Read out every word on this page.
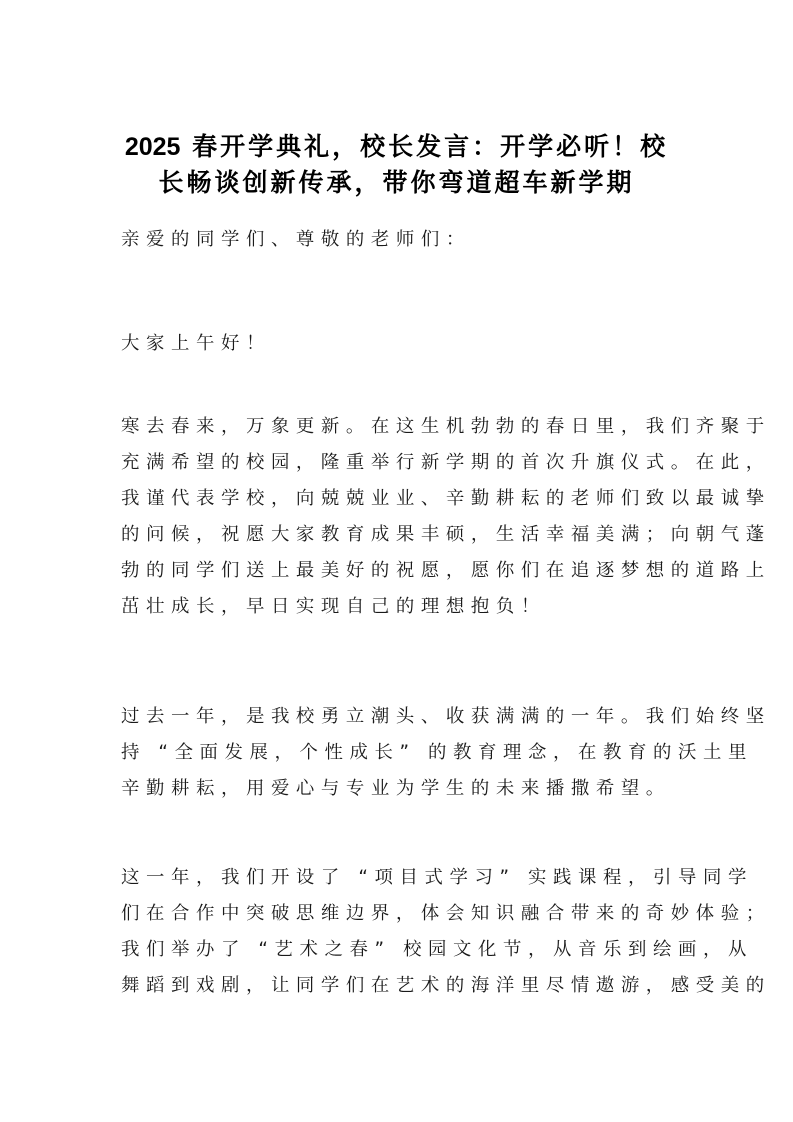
2025 春开学典礼，校长发言：开学必听！校
长畅谈创新传承，带你弯道超车新学期

亲爱的同学们、尊敬的老师们：

大家上午好！

寒去春来，万象更新。在这生机勃勃的春日里，我们齐聚于
充满希望的校园，隆重举行新学期的首次升旗仪式。在此，
我谨代表学校，向兢兢业业、辛勤耕耘的老师们致以最诚挚
的问候，祝愿大家教育成果丰硕，生活幸福美满；向朝气蓬
勃的同学们送上最美好的祝愿，愿你们在追逐梦想的道路上
茁壮成长，早日实现自己的理想抱负！

过去一年，是我校勇立潮头、收获满满的一年。我们始终坚
持 “全面发展，个性成长” 的教育理念，在教育的沃土里
辛勤耕耘，用爱心与专业为学生的未来播撒希望。

这一年，我们开设了 “项目式学习” 实践课程，引导同学
们在合作中突破思维边界，体会知识融合带来的奇妙体验；
我们举办了 “艺术之春” 校园文化节，从音乐到绘画，从
舞蹈到戏剧，让同学们在艺术的海洋里尽情遨游，感受美的
